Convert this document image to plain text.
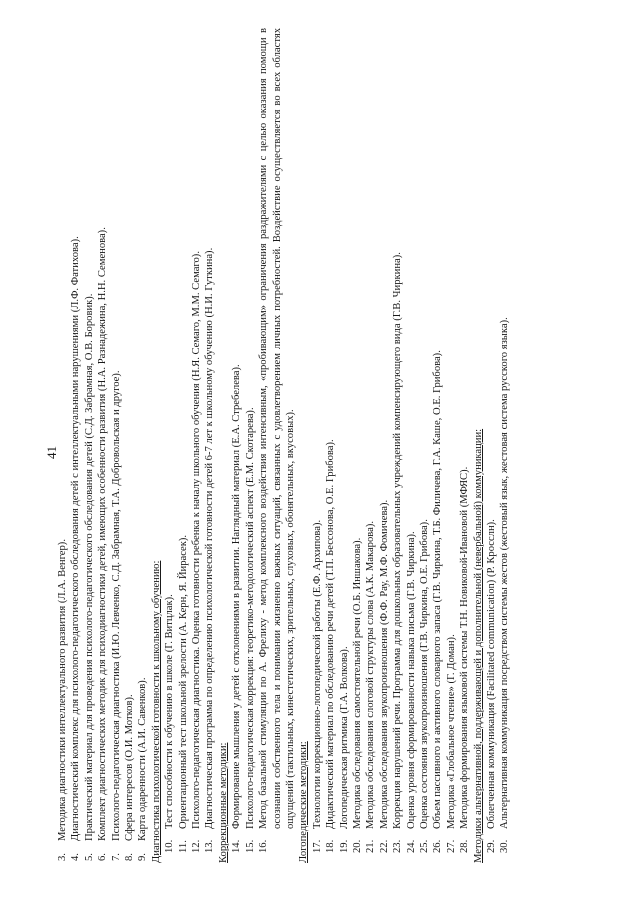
41
3.
Методика диагностики интеллектуального развития (Л.А. Венгер).
4.
Диагностический комплекс для психолого-педагогического обследования детей с интеллектуальными нарушениями (Л.Ф. Фатихова).
5.
Практический материал для проведения психолого-педагогического обследования детей (С.Д. Забрамная, О.В. Боровик).
6.
Комплект диагностических методик для психодиагностики детей, имеющих особенности развития (Н.А. Разнадежина, Н.Н. Семенова).
7.
Психолого-педагогическая диагностика (И.Ю. Левченко, С.Д. Забрамная, Т.А. Добровольская и другое).
8.
Сфера интересов (О.И. Мотков).
9.
Карта одаренности (А.И. Савенков). Диагностика психологической готовности к школьному обучению: 10.
Тест способности к обучению в школе (Г. Витцлак).
11.
Ориентационный тест школьной зрелости (А. Керн, Я. Йирасек).
12.
Психолого-педагогическая диагностика. Оценка готовности ребенка к началу школьного обучения (Н.Я. Семаго, М.М. Семаго).
13.
Диагностическая программа по определению психологической готовности детей 6-7 лет к школьному обучению (Н.И. Гуткина). Коррекционные методики: 14.
Формирование мышления у детей с отклонениями в развитии. Наглядный материал (Е.А. Стребелева).
15.
Психолого-педагогическая коррекция: теоретико-методологический аспект (Е.М. Скотарева).
16.
Метод базальной стимуляции по А. Фрелиху - метод комплексного воздействия интенсивным, «пробивающим» ограничения раздражителями с целью оказания помощи в осознании собственного тела и понимании жизненно важных ситуаций, связанных с удовлетворением личных потребностей. Воздействие осуществляется во всех областях ощущений (тактильных, кинестетических, зрительных, слуховых, обонятельных, вкусовых). Логопедические методики: 17.
Технологии коррекционно-логопедической работы (Е.Ф. Архипова).
18.
Дидактический материал по обследованию речи детей (Т.П. Бессонова, О.Е. Грибова).
19.
Логопедическая ритмика (Г.А. Волкова).
20.
Методика обследования самостоятельной речи (О.Б. Иншакова).
21.
Методика обследования слоговой структуры слова (А.К. Макарова).
22.
Методика обследования звукопроизношения (Ф.Ф. Рау, М.Ф. Фомичева).
23.
Коррекция нарушений речи. Программа для дошкольных образовательных учреждений компенсирующего вида (Г.В. Чиркина).
24.
Оценка уровня сформированности навыка письма (Г.В. Чиркина).
25.
Оценка состояния звукопроизношения (Г.В. Чиркина, О.Е. Грибова).
26.
Объем пассивного и активного словарного запаса (Г.В. Чиркина, Т.Б. Филичева, Г.А. Каше, О.Е. Грибова).
27.
Методика «Глобальное чтение» (Г. Доман).
28.
Методика формирования языковой системы Т.Н. Новиковой-Ивановой (МФЯС). Методики альтернативной, поддерживающей и дополнительной (невербальной) коммуникации: 29.
Облегченная коммуникация (Facilitated communication) (Р. Кросслн).
30.
Альтернативная коммуникация посредством системы жестов (жестовый язык, жестовая система русского языка).
